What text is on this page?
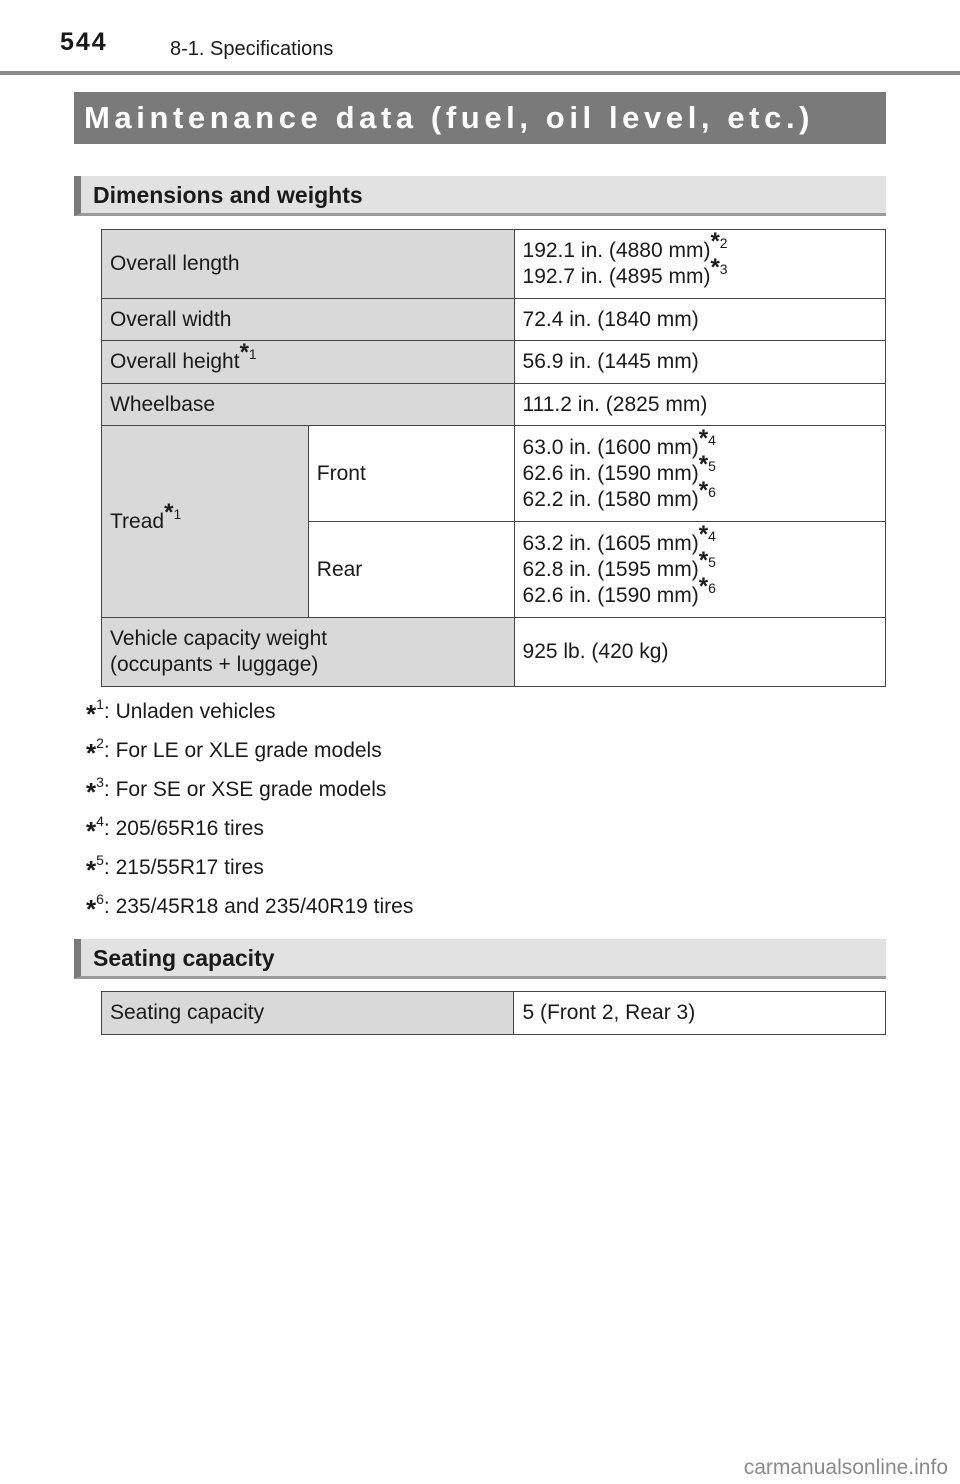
544	8-1. Specifications
Maintenance data (fuel, oil level, etc.)
Dimensions and weights
Overall length		192.1 in. (4880 mm)*$^2$
192.7 in. (4895 mm)*$^3$
Overall width		72.4 in. (1840 mm)
Overall height*$^1$		56.9 in. (1445 mm)
Wheelbase		111.2 in. (2825 mm)
Tread*$^1$	Front	63.0 in. (1600 mm)*$^4$
62.6 in. (1590 mm)*$^5$
62.2 in. (1580 mm)*$^6$
	Rear	63.2 in. (1605 mm)*$^4$
62.8 in. (1595 mm)*$^5$
62.6 in. (1590 mm)*$^6$
Vehicle capacity weight
(occupants + luggage)		925 lb. (420 kg)
*$^1$: Unladen vehicles
*$^2$: For LE or XLE grade models
*$^3$: For SE or XSE grade models
*$^4$: 205/65R16 tires
*$^5$: 215/55R17 tires
*$^6$: 235/45R18 and 235/40R19 tires
Seating capacity
Seating capacity	5 (Front 2, Rear 3)
carmanualsonline.info
